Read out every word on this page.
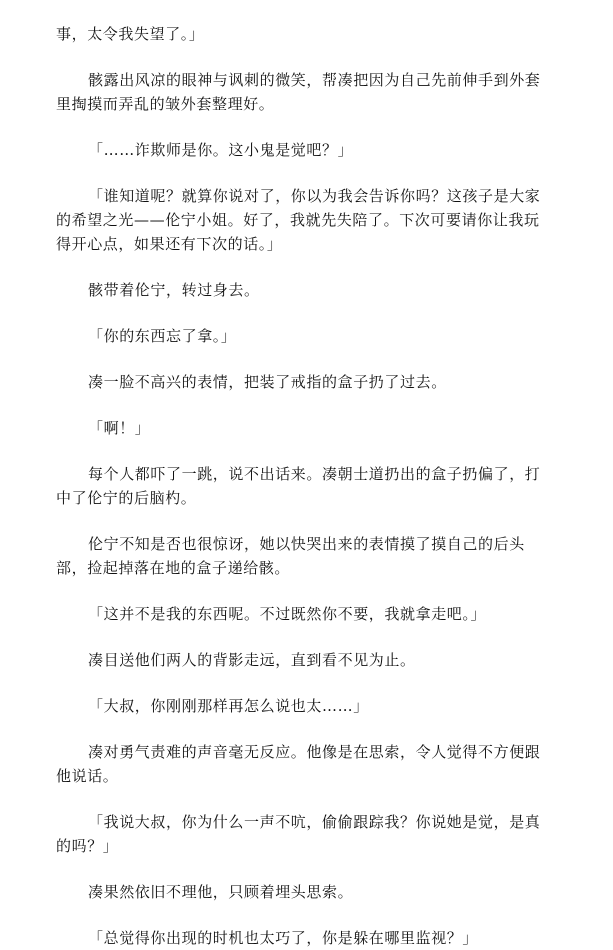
事，太令我失望了。」

骸露出风凉的眼神与讽刺的微笑，帮凑把因为自己先前伸手到外套里掏摸而弄乱的皱外套整理好。

「……诈欺师是你。这小鬼是觉吧？」

「谁知道呢？就算你说对了，你以为我会告诉你吗？这孩子是大家的希望之光——伦宁小姐。好了，我就先失陪了。下次可要请你让我玩得开心点，如果还有下次的话。」

骸带着伦宁，转过身去。

「你的东西忘了拿。」

凑一脸不高兴的表情，把装了戒指的盒子扔了过去。

「啊！」

每个人都吓了一跳，说不出话来。凑朝士道扔出的盒子扔偏了，打中了伦宁的后脑杓。

伦宁不知是否也很惊讶，她以快哭出来的表情摸了摸自己的后头部，捡起掉落在地的盒子递给骸。

「这并不是我的东西呢。不过既然你不要，我就拿走吧。」

凑目送他们两人的背影走远，直到看不见为止。

「大叔，你刚刚那样再怎么说也太……」

凑对勇气责难的声音毫无反应。他像是在思索，令人觉得不方便跟他说话。

「我说大叔，你为什么一声不吭，偷偷跟踪我？你说她是觉，是真的吗？」

凑果然依旧不理他，只顾着埋头思索。

「总觉得你出现的时机也太巧了，你是躲在哪里监视？」
